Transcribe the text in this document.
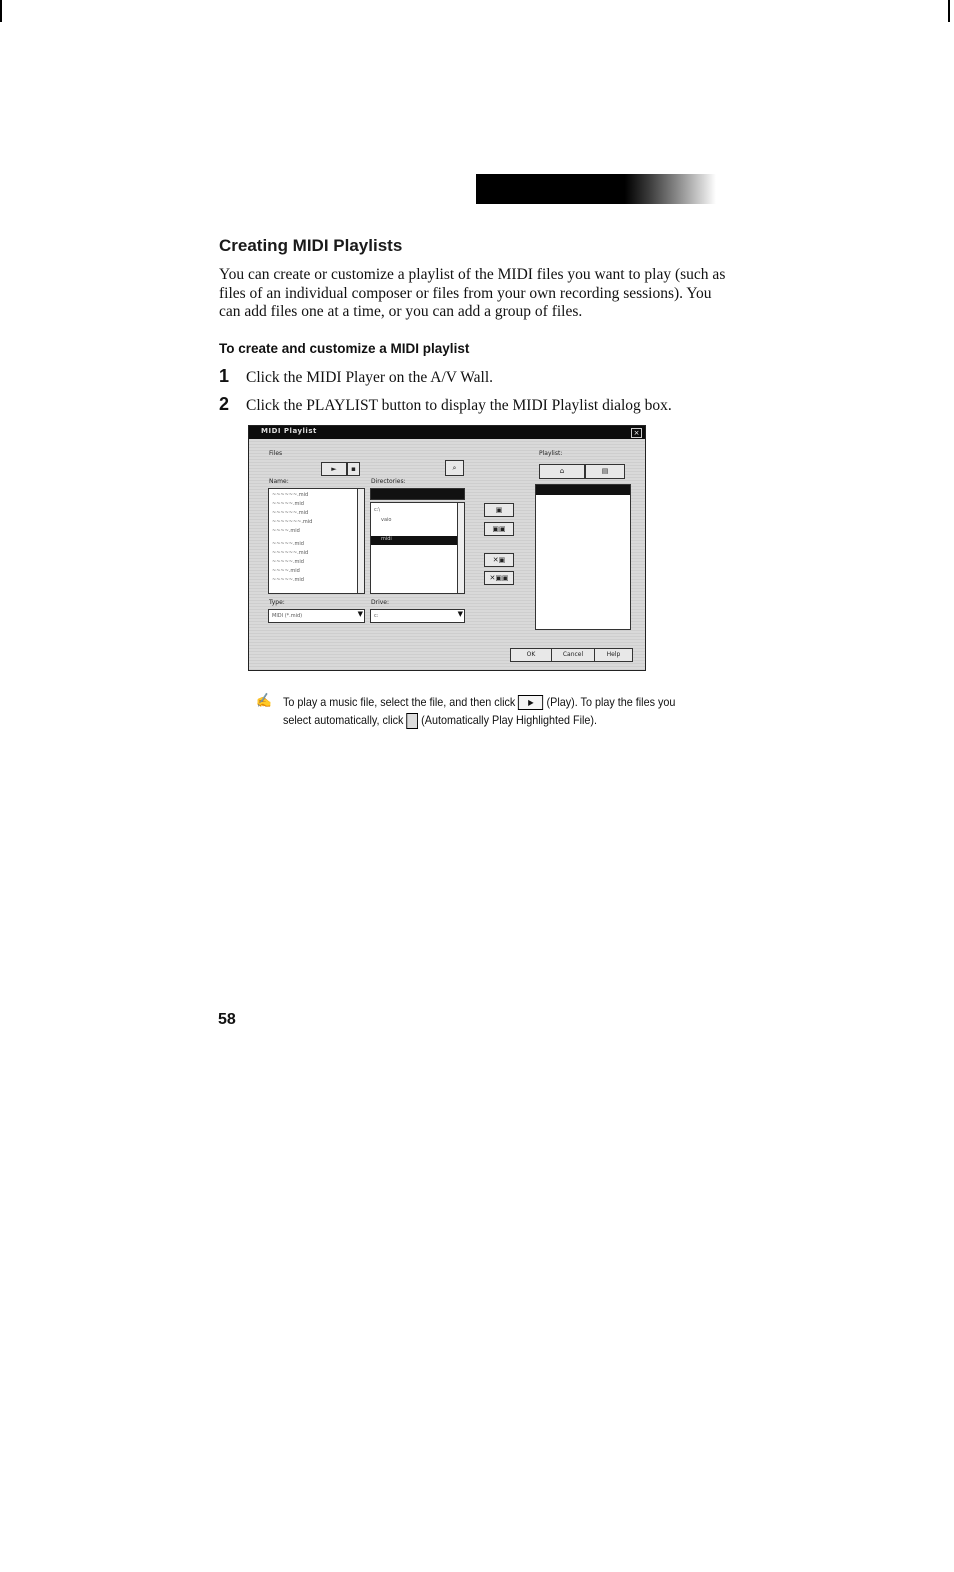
Creating MIDI Playlists
You can create or customize a playlist of the MIDI files you want to play (such as files of an individual composer or files from your own recording sessions). You can add files one at a time, or you can add a group of files.
To create and customize a MIDI playlist
1 Click the MIDI Player on the A/V Wall.
2 Click the PLAYLIST button to display the MIDI Playlist dialog box.
MIDI Playlist	×
Files
►	▪	⌕
Name:
~~~~~~.mid
~~~~~.mid
~~~~~~.mid
~~~~~~~.mid
~~~~.mid
~~~~~.mid
~~~~~~.mid
~~~~~.mid
~~~~.mid
~~~~~.mid
Directories:
c:\
vaio
midi
▣
▣▣
✕▣
✕▣▣
Playlist:
⌂	▤
Type:
MIDI (*.mid)	▼
Drive:
c:	▼
OK	Cancel	Help
✍ To play a music file, select the file, and then click ▶ (Play). To play the files you
select automatically, click (Automatically Play Highlighted File).
58
